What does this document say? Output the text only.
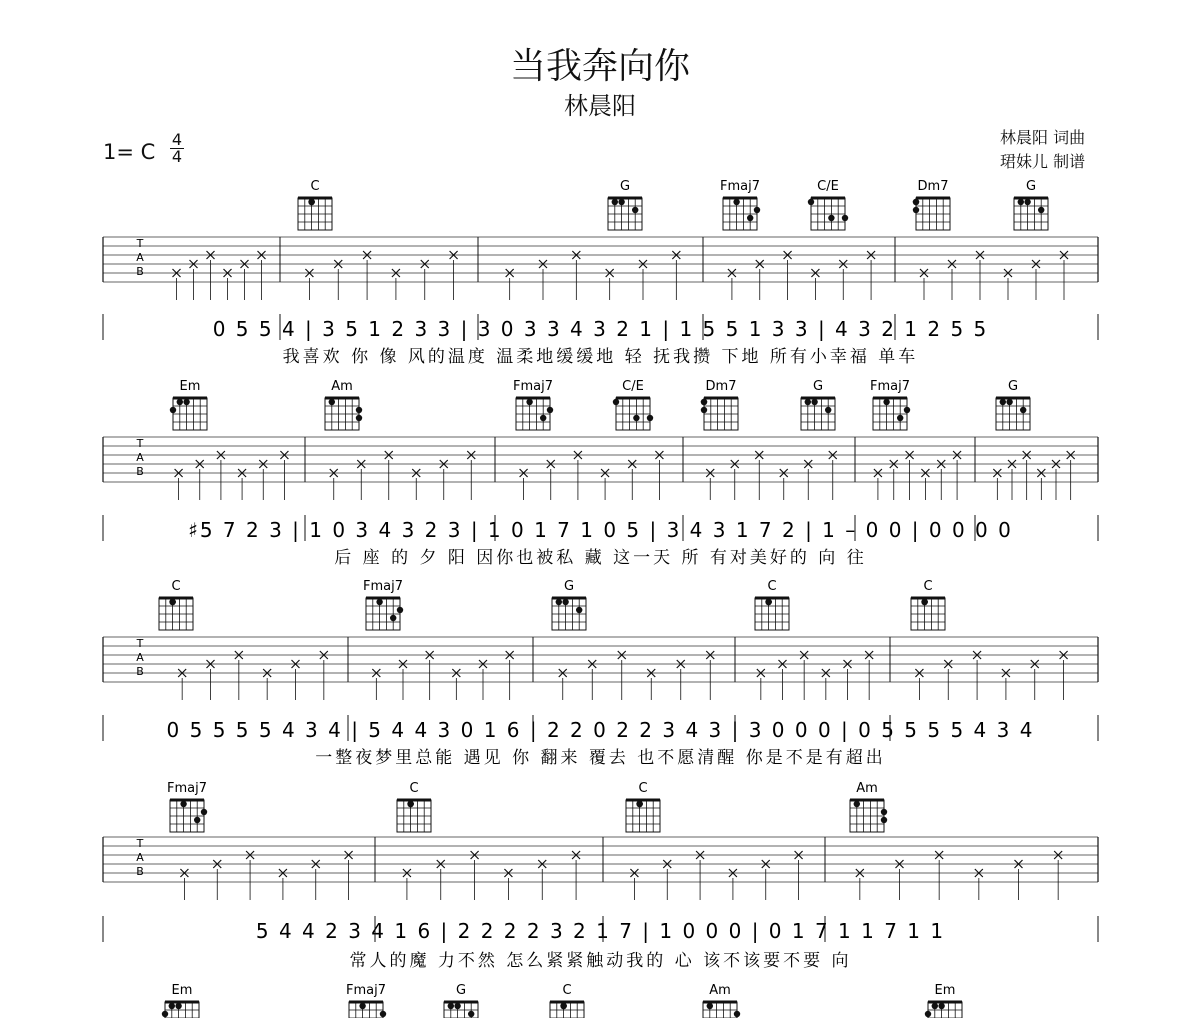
当我奔向你
林晨阳
1= C
4
4
林晨阳 词曲
珺妹儿 制谱
C	G	Fmaj7	C/E	Dm7	G
T
A
B
0 5 5 4 | 3 5 1 2 3 3 | 3 0 3 3 4 3 2 1 | 1 5 5 1 3 3 | 4 3 2 1 2 5 5
我喜欢 你 像 风的温度 温柔地缓缓地 轻 抚我攒 下地 所有小幸福 单车
Em	Am	Fmaj7	C/E	Dm7	G	Fmaj7	G
T
A
B
♯5 7 2 3 | 1 0 3 4 3 2 3 | 1 0 1 7 1 0 5 | 3 4 3 1 7 2 | 1 – 0 0 | 0 0 0 0
后 座 的 夕 阳 因你也被私 藏 这一天 所 有对美好的 向 往
C	Fmaj7	G	C	C
T
A
B
0 5 5 5 5 4 3 4 | 5 4 4 3 0 1 6 | 2 2 0 2 2 3 4 3 | 3 0 0 0 | 0 5 5 5 5 4 3 4
一整夜梦里总能 遇见 你 翻来 覆去 也不愿清醒 你是不是有超出
Fmaj7	C	C	Am
T
A
B
5 4 4 2 3 4 1 6 | 2 2 2 2 3 2 1 7 | 1 0 0 0 | 0 1 7 1 1 7 1 1
常人的魔 力不然 怎么紧紧触动我的 心 该不该要不要 向
Em	Fmaj7	G	C	Am	Em
